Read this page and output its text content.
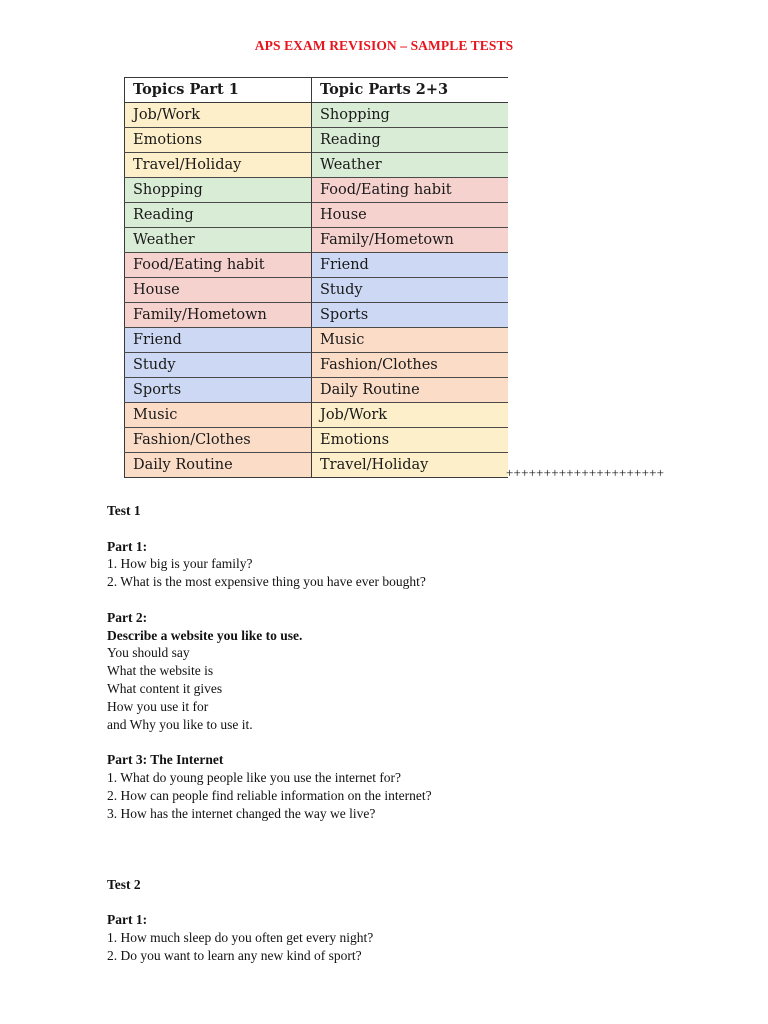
APS EXAM REVISION – SAMPLE TESTS
Topics Part 1	Topic Parts 2+3
Job/Work	Shopping
Emotions	Reading
Travel/Holiday	Weather
Shopping	Food/Eating habit
Reading	House
Weather	Family/Hometown
Food/Eating habit	Friend
House	Study
Family/Hometown	Sports
Friend	Music
Study	Fashion/Clothes
Sports	Daily Routine
Music	Job/Work
Fashion/Clothes	Emotions
Daily Routine	Travel/Holiday	+++++++++++++++++++++
Test 1
Part 1:
1. How big is your family?
2. What is the most expensive thing you have ever bought?
Part 2:
Describe a website you like to use.
You should say
What the website is
What content it gives
How you use it for
and Why you like to use it.
Part 3: The Internet
1. What do young people like you use the internet for?
2. How can people find reliable information on the internet?
3. How has the internet changed the way we live?
Test 2
Part 1:
1. How much sleep do you often get every night?
2. Do you want to learn any new kind of sport?
